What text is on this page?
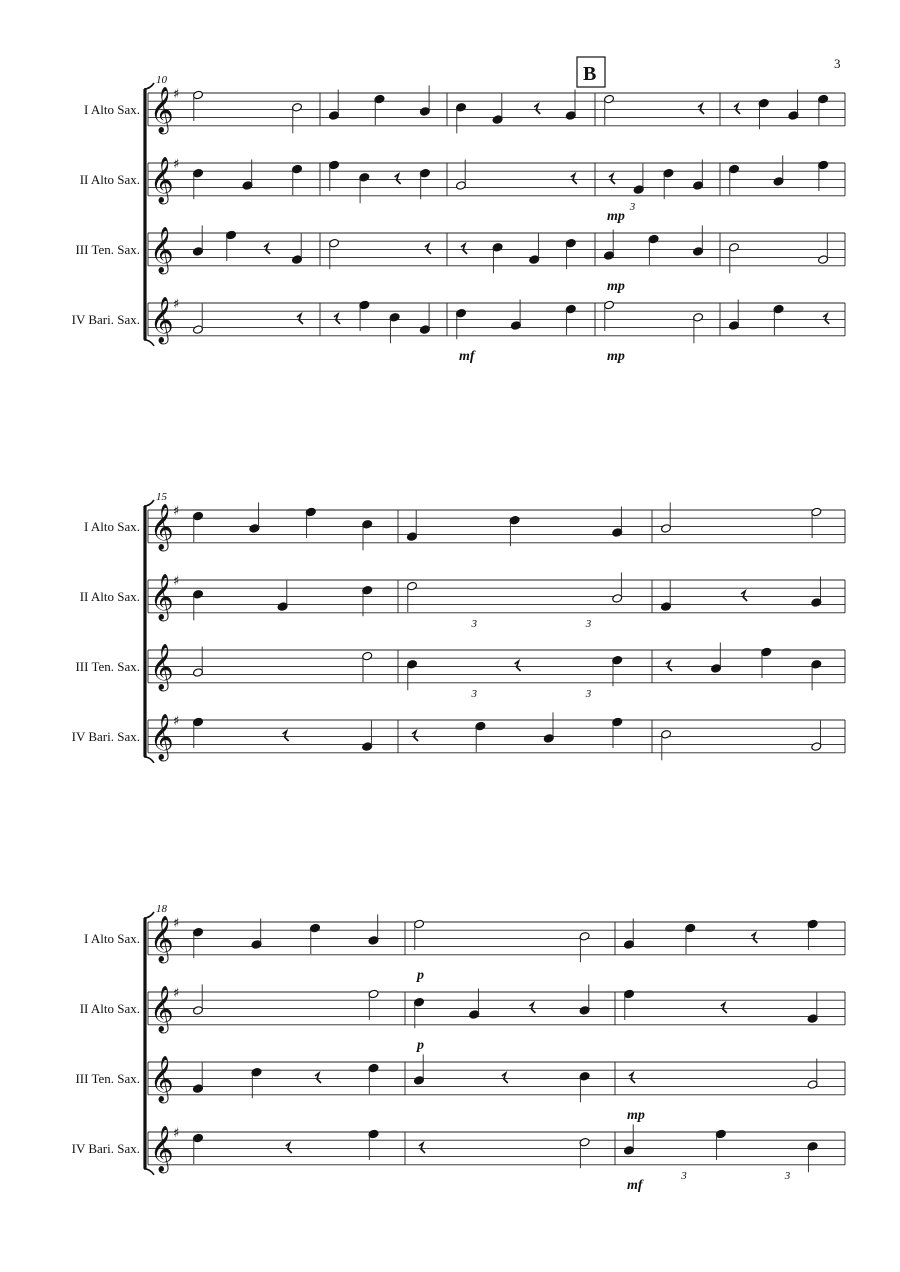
3
B
10
I Alto Sax. 𝄞 ♯
II Alto Sax. 𝄞 ♯
III Ten. Sax. 𝄞
IV Bari. Sax. 𝄞 ♯
mp
mp
mf	mp
3
15
I Alto Sax. 𝄞 ♯
II Alto Sax. 𝄞 ♯
III Ten. Sax. 𝄞
IV Bari. Sax. 𝄞 ♯
3	3
3	3
18
I Alto Sax. 𝄞 ♯
II Alto Sax. 𝄞 ♯
III Ten. Sax. 𝄞
IV Bari. Sax. 𝄞 ♯
p
p
mp
mf
3	3
